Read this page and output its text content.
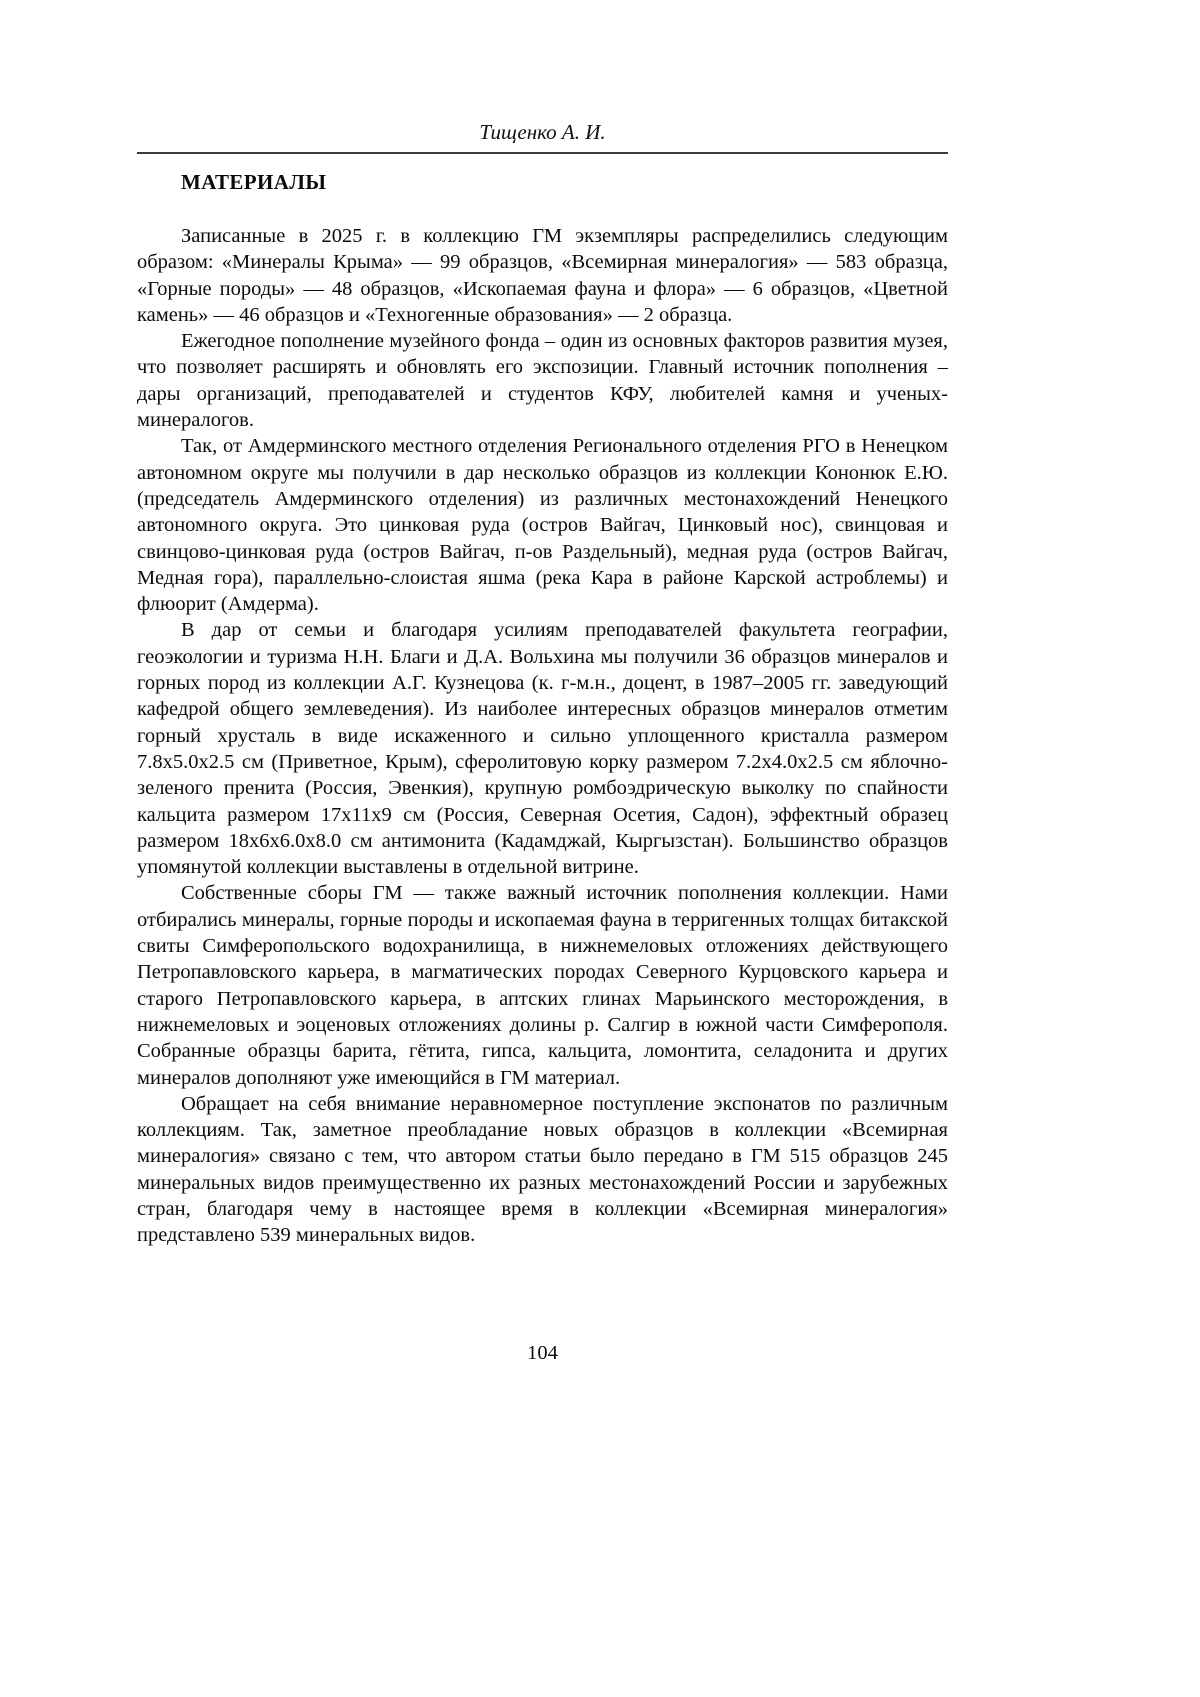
Тищенко А. И.
МАТЕРИАЛЫ

Записанные в 2025 г. в коллекцию ГМ экземпляры распределились следующим образом: «Минералы Крыма» — 99 образцов, «Всемирная минералогия» — 583 образца, «Горные породы» — 48 образцов, «Ископаемая фауна и флора» — 6 образцов, «Цветной камень» — 46 образцов и «Техногенные образования» — 2 образца.

Ежегодное пополнение музейного фонда – один из основных факторов развития музея, что позволяет расширять и обновлять его экспозиции. Главный источник пополнения – дары организаций, преподавателей и студентов КФУ, любителей камня и ученых-минералогов.

Так, от Амдерминского местного отделения Регионального отделения РГО в Ненецком автономном округе мы получили в дар несколько образцов из коллекции Кононюк Е.Ю. (председатель Амдерминского отделения) из различных местонахождений Ненецкого автономного округа. Это цинковая руда (остров Вайгач, Цинковый нос), свинцовая и свинцово-цинковая руда (остров Вайгач, п-ов Раздельный), медная руда (остров Вайгач, Медная гора), параллельно-слоистая яшма (река Кара в районе Карской астроблемы) и флюорит (Амдерма).

В дар от семьи и благодаря усилиям преподавателей факультета географии, геоэкологии и туризма Н.Н. Благи и Д.А. Вольхина мы получили 36 образцов минералов и горных пород из коллекции А.Г. Кузнецова (к. г-м.н., доцент, в 1987–2005 гг. заведующий кафедрой общего землеведения). Из наиболее интересных образцов минералов отметим горный хрусталь в виде искаженного и сильно уплощенного кристалла размером 7.8х5.0х2.5 см (Приветное, Крым), сферолитовую корку размером 7.2х4.0х2.5 см яблочно-зеленого пренита (Россия, Эвенкия), крупную ромбоэдрическую выколку по спайности кальцита размером 17х11х9 см (Россия, Северная Осетия, Садон), эффектный образец размером 18х6х6.0х8.0 см антимонита (Кадамджай, Кыргызстан). Большинство образцов упомянутой коллекции выставлены в отдельной витрине.

Собственные сборы ГМ — также важный источник пополнения коллекции. Нами отбирались минералы, горные породы и ископаемая фауна в терригенных толщах битакской свиты Симферопольского водохранилища, в нижнемеловых отложениях действующего Петропавловского карьера, в магматических породах Северного Курцовского карьера и старого Петропавловского карьера, в аптских глинах Марьинского месторождения, в нижнемеловых и эоценовых отложениях долины р. Салгир в южной части Симферополя. Собранные образцы барита, гётита, гипса, кальцита, ломонтита, селадонита и других минералов дополняют уже имеющийся в ГМ материал.

Обращает на себя внимание неравномерное поступление экспонатов по различным коллекциям. Так, заметное преобладание новых образцов в коллекции «Всемирная минералогия» связано с тем, что автором статьи было передано в ГМ 515 образцов 245 минеральных видов преимущественно их разных местонахождений России и зарубежных стран, благодаря чему в настоящее время в коллекции «Всемирная минералогия» представлено 539 минеральных видов.

104
